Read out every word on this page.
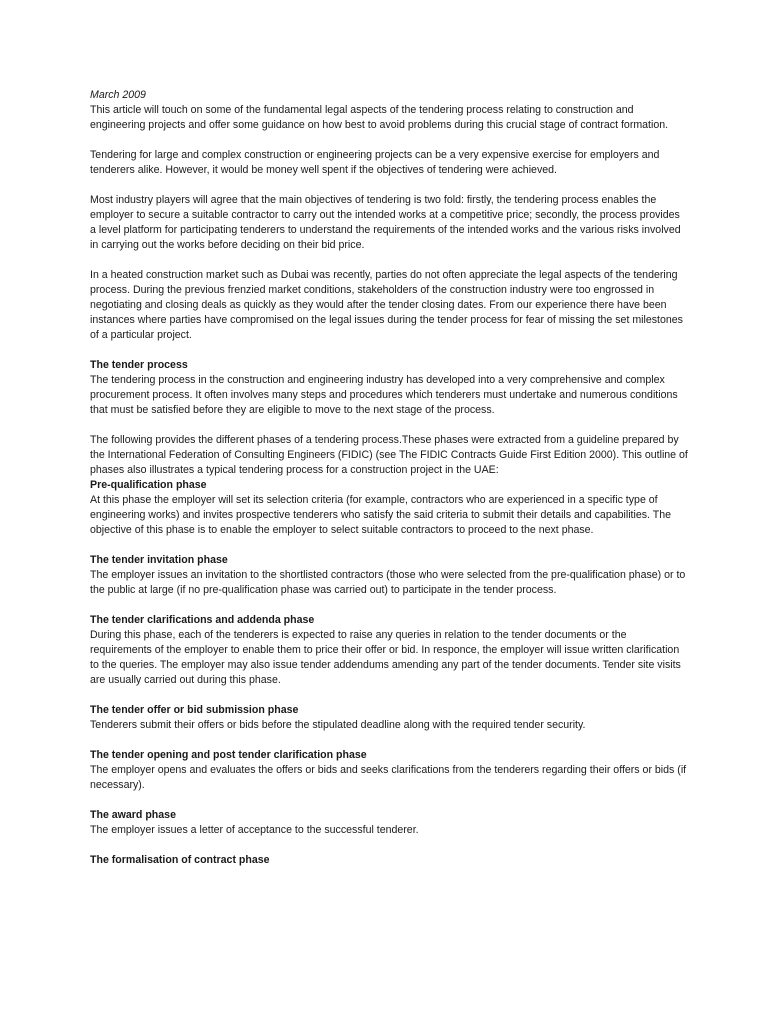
March 2009

This article will touch on some of the fundamental legal aspects of the tendering process relating to construction and engineering projects and offer some guidance on how best to avoid problems during this crucial stage of contract formation.

Tendering for large and complex construction or engineering projects can be a very expensive exercise for employers and tenderers alike. However, it would be money well spent if the objectives of tendering were achieved.

Most industry players will agree that the main objectives of tendering is two fold: firstly, the tendering process enables the employer to secure a suitable contractor to carry out the intended works at a competitive price; secondly, the process provides a level platform for participating tenderers to understand the requirements of the intended works and the various risks involved in carrying out the works before deciding on their bid price.

In a heated construction market such as Dubai was recently, parties do not often appreciate the legal aspects of the tendering process. During the previous frenzied market conditions, stakeholders of the construction industry were too engrossed in negotiating and closing deals as quickly as they would after the tender closing dates. From our experience there have been instances where parties have compromised on the legal issues during the tender process for fear of missing the set milestones of a particular project.

The tender process

The tendering process in the construction and engineering industry has developed into a very comprehensive and complex procurement process. It often involves many steps and procedures which tenderers must undertake and numerous conditions that must be satisfied before they are eligible to move to the next stage of the process.

The following provides the different phases of a tendering process.These phases were extracted from a guideline prepared by the International Federation of Consulting Engineers (FIDIC) (see The FIDIC Contracts Guide First Edition 2000). This outline of phases also illustrates a typical tendering process for a construction project in the UAE:

Pre-qualification phase

At this phase the employer will set its selection criteria (for example, contractors who are experienced in a specific type of engineering works) and invites prospective tenderers who satisfy the said criteria to submit their details and capabilities. The objective of this phase is to enable the employer to select suitable contractors to proceed to the next phase.

The tender invitation phase

The employer issues an invitation to the shortlisted contractors (those who were selected from the pre-qualification phase) or to the public at large (if no pre-qualification phase was carried out) to participate in the tender process.

The tender clarifications and addenda phase

During this phase, each of the tenderers is expected to raise any queries in relation to the tender documents or the requirements of the employer to enable them to price their offer or bid. In responce, the employer will issue written clarification to the queries. The employer may also issue tender addendums amending any part of the tender documents. Tender site visits are usually carried out during this phase.

The tender offer or bid submission phase

Tenderers submit their offers or bids before the stipulated deadline along with the required tender security.

The tender opening and post tender clarification phase

The employer opens and evaluates the offers or bids and seeks clarifications from the tenderers regarding their offers or bids (if necessary).

The award phase

The employer issues a letter of acceptance to the successful tenderer.

The formalisation of contract phase
